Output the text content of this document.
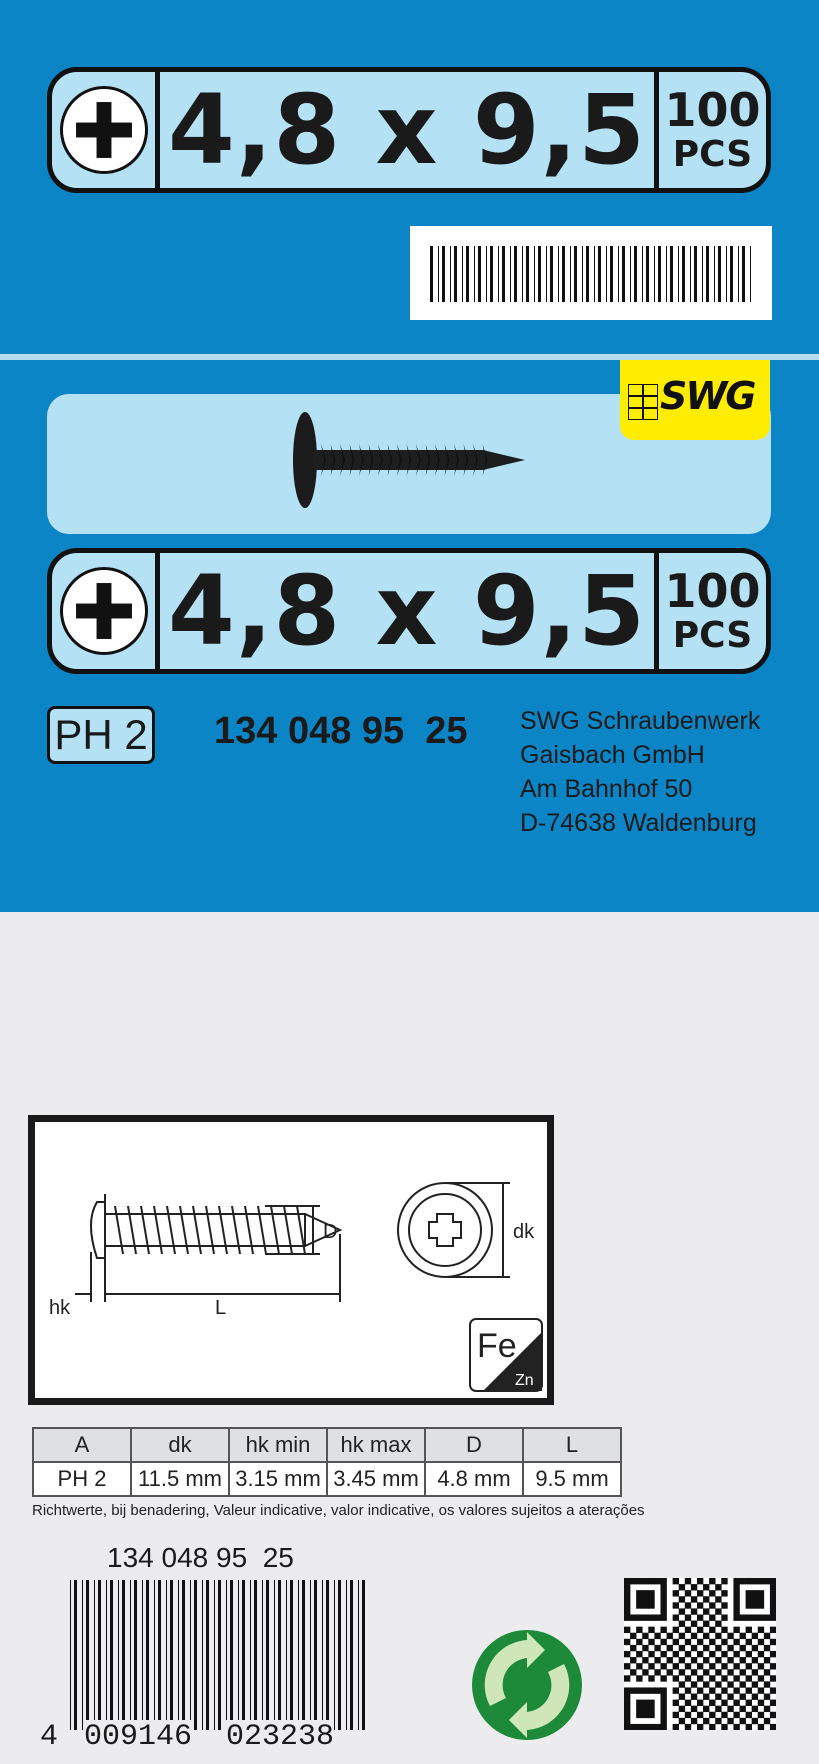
4,8 x 9,5 100
PCS
SWG
4,8 x 9,5 100
PCS
PH 2 134 048 95  25 SWG Schraubenwerk
Gaisbach GmbH
Am Bahnhof 50
D-74638 Waldenburg
D	dk
hk	L
Fe
Zn
A	dk	hk min	hk max	D	L
PH 2	11.5 mm	3.15 mm	3.45 mm	4.8 mm	9.5 mm
Richtwerte, bij benadering, Valeur indicative, valor indicative, os valores sujeitos a aterações
134 048 95  25
4 009146 023238
